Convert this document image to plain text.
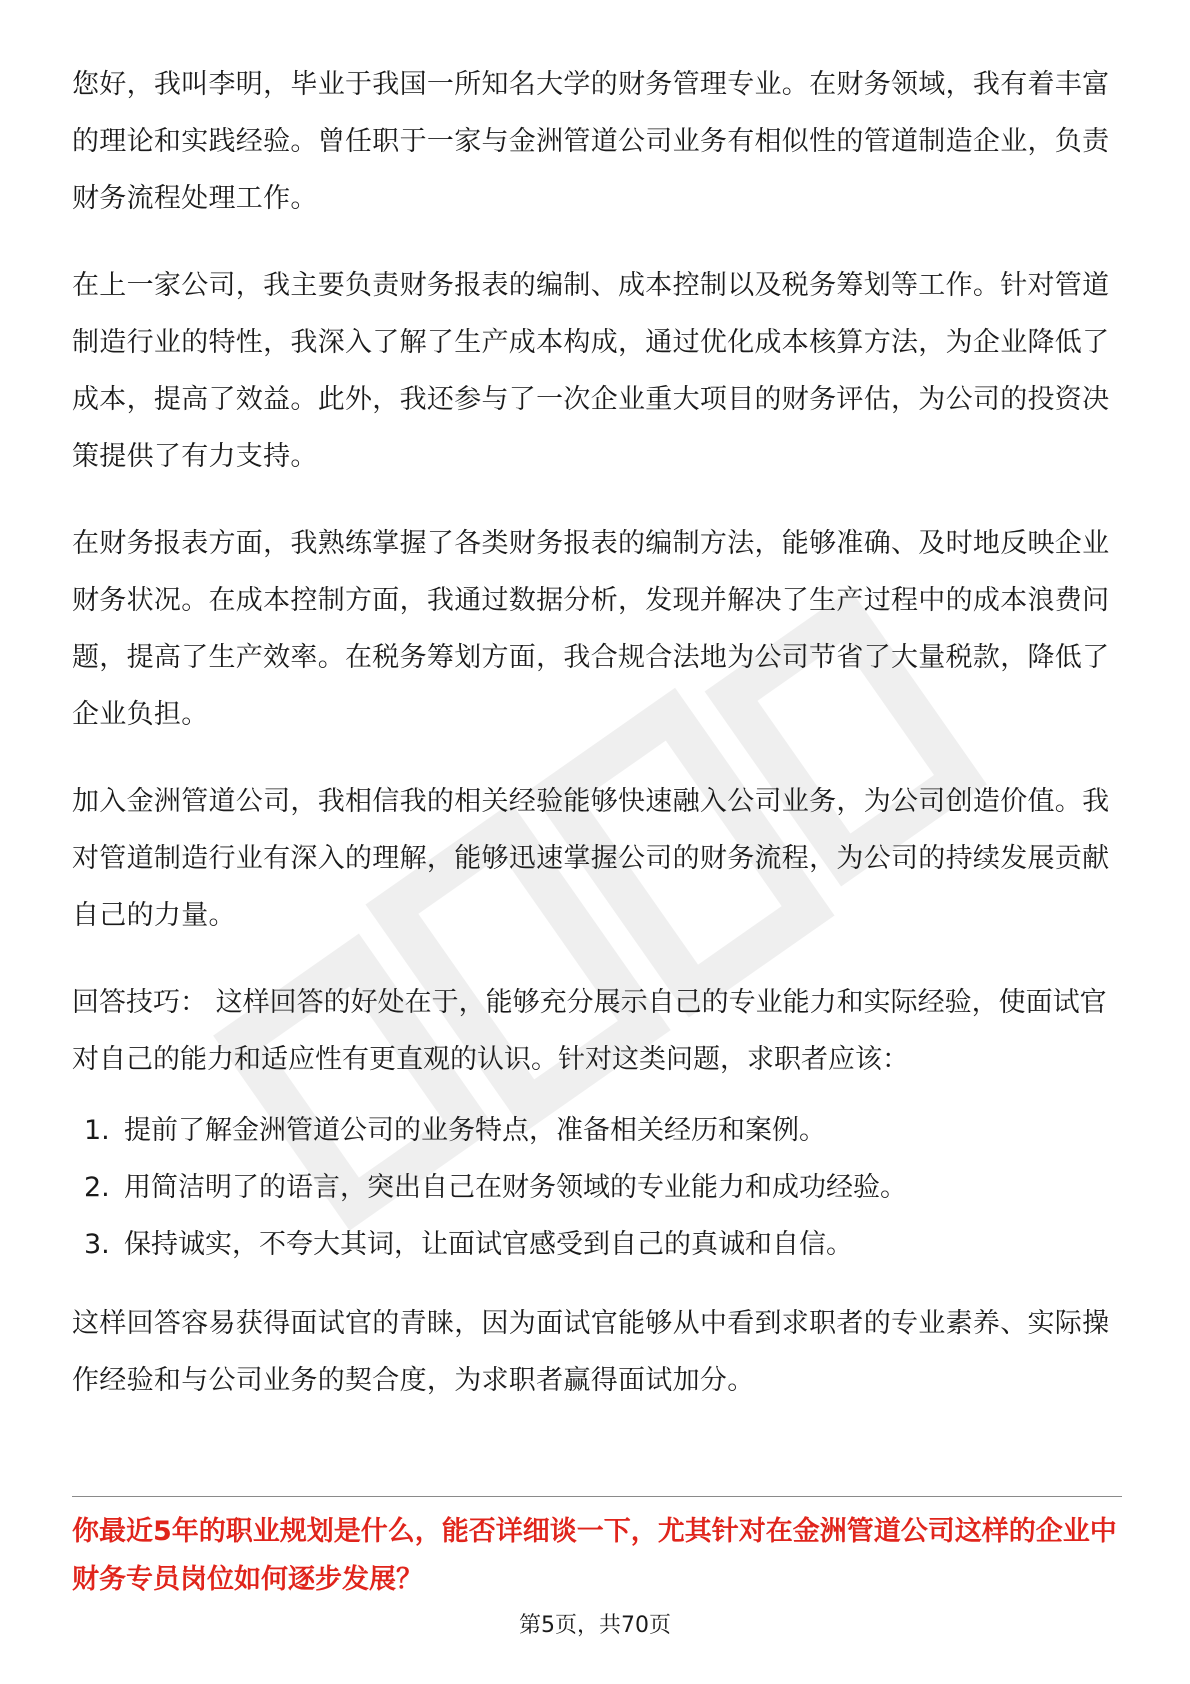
您好，我叫李明，毕业于我国一所知名大学的财务管理专业。在财务领域，我有着丰富的理论和实践经验。曾任职于一家与金洲管道公司业务有相似性的管道制造企业，负责财务流程处理工作。

在上一家公司，我主要负责财务报表的编制、成本控制以及税务筹划等工作。针对管道制造行业的特性，我深入了解了生产成本构成，通过优化成本核算方法，为企业降低了成本，提高了效益。此外，我还参与了一次企业重大项目的财务评估，为公司的投资决策提供了有力支持。

在财务报表方面，我熟练掌握了各类财务报表的编制方法，能够准确、及时地反映企业财务状况。在成本控制方面，我通过数据分析，发现并解决了生产过程中的成本浪费问题，提高了生产效率。在税务筹划方面，我合规合法地为公司节省了大量税款，降低了企业负担。

加入金洲管道公司，我相信我的相关经验能够快速融入公司业务，为公司创造价值。我对管道制造行业有深入的理解，能够迅速掌握公司的财务流程，为公司的持续发展贡献自己的力量。

回答技巧： 这样回答的好处在于，能够充分展示自己的专业能力和实际经验，使面试官对自己的能力和适应性有更直观的认识。针对这类问题，求职者应该：

1. 提前了解金洲管道公司的业务特点，准备相关经历和案例。
2. 用简洁明了的语言，突出自己在财务领域的专业能力和成功经验。
3. 保持诚实，不夸大其词，让面试官感受到自己的真诚和自信。

这样回答容易获得面试官的青睐，因为面试官能够从中看到求职者的专业素养、实际操作经验和与公司业务的契合度，为求职者赢得面试加分。

你最近5年的职业规划是什么，能否详细谈一下，尤其针对在金洲管道公司这样的企业中财务专员岗位如何逐步发展？
第5页，共70页
